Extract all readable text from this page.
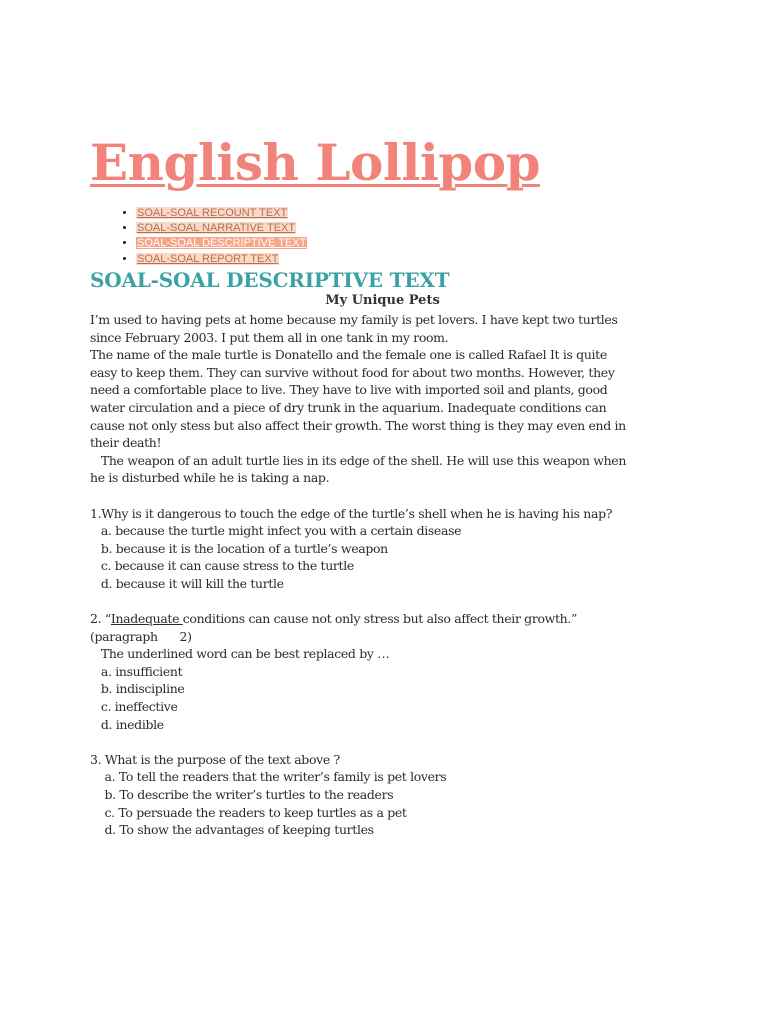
English Lollipop
• SOAL-SOAL RECOUNT TEXT
• SOAL-SOAL NARRATIVE TEXT
• SOAL-SOAL DESCRIPTIVE TEXT
• SOAL-SOAL REPORT TEXT
SOAL-SOAL DESCRIPTIVE TEXT
My Unique Pets
I’m used to having pets at home because my family is pet lovers. I have kept two turtles
since February 2003. I put them all in one tank in my room.
The name of the male turtle is Donatello and the female one is called Rafael It is quite
easy to keep them. They can survive without food for about two months. However, they
need a comfortable place to live. They have to live with imported soil and plants, good
water circulation and a piece of dry trunk in the aquarium. Inadequate conditions can
cause not only stess but also affect their growth. The worst thing is they may even end in
their death!
The weapon of an adult turtle lies in its edge of the shell. He will use this weapon when
he is disturbed while he is taking a nap.
1.Why is it dangerous to touch the edge of the turtle’s shell when he is having his nap?
a. because the turtle might infect you with a certain disease
b. because it is the location of a turtle’s weapon
c. because it can cause stress to the turtle
d. because it will kill the turtle
2. “Inadequate conditions can cause not only stress but also affect their growth.”
(paragraph      2)
The underlined word can be best replaced by …
a. insufficient
b. indiscipline
c. ineffective
d. inedible
3. What is the purpose of the text above ?
a. To tell the readers that the writer’s family is pet lovers
b. To describe the writer’s turtles to the readers
c. To persuade the readers to keep turtles as a pet
d. To show the advantages of keeping turtles
